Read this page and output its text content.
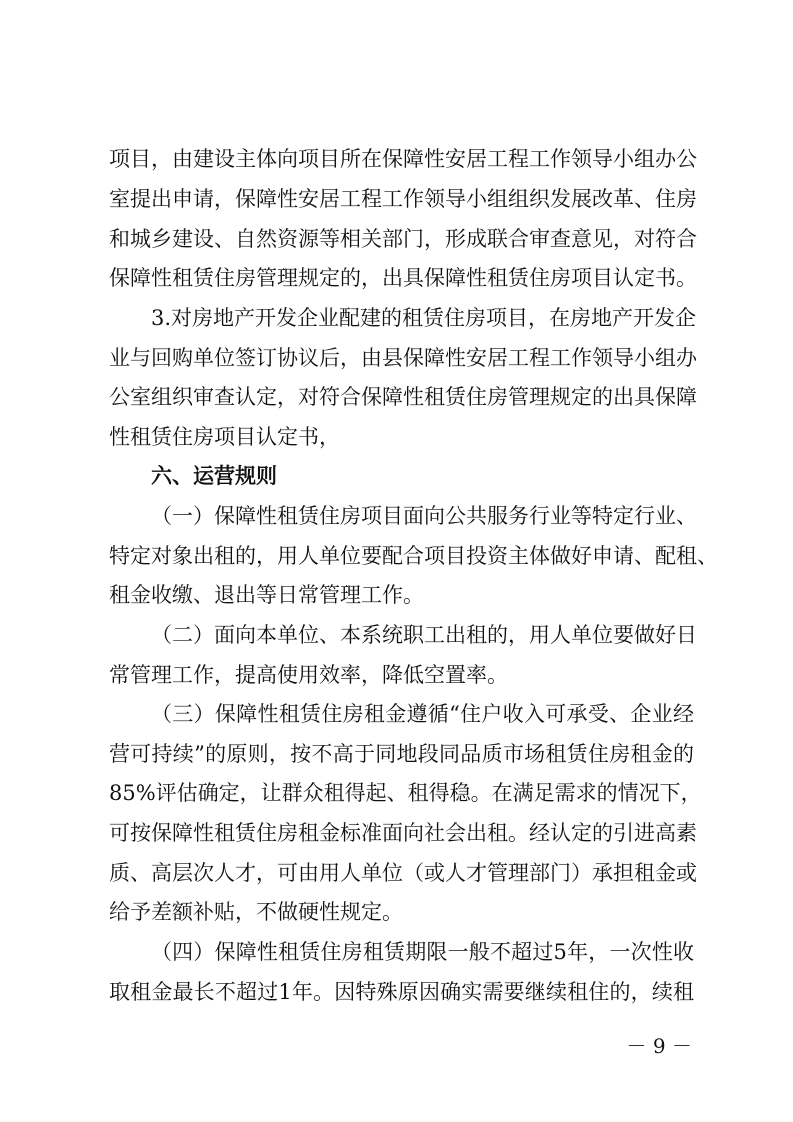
项目，由建设主体向项目所在保障性安居工程工作领导小组办公
室提出申请，保障性安居工程工作领导小组组织发展改革、住房
和城乡建设、自然资源等相关部门，形成联合审查意见，对符合
保障性租赁住房管理规定的，出具保障性租赁住房项目认定书。
3.对房地产开发企业配建的租赁住房项目，在房地产开发企
业与回购单位签订协议后，由县保障性安居工程工作领导小组办
公室组织审查认定，对符合保障性租赁住房管理规定的出具保障
性租赁住房项目认定书，
六、运营规则
（一）保障性租赁住房项目面向公共服务行业等特定行业、
特定对象出租的，用人单位要配合项目投资主体做好申请、配租、
租金收缴、退出等日常管理工作。
（二）面向本单位、本系统职工出租的，用人单位要做好日
常管理工作，提高使用效率，降低空置率。
（三）保障性租赁住房租金遵循“住户收入可承受、企业经
营可持续”的原则，按不高于同地段同品质市场租赁住房租金的
85%评估确定，让群众租得起、租得稳。在满足需求的情况下，
可按保障性租赁住房租金标准面向社会出租。经认定的引进高素
质、高层次人才，可由用人单位（或人才管理部门）承担租金或
给予差额补贴，不做硬性规定。
（四）保障性租赁住房租赁期限一般不超过5年，一次性收
取租金最长不超过1年。因特殊原因确实需要继续租住的，续租
－ 9 －
